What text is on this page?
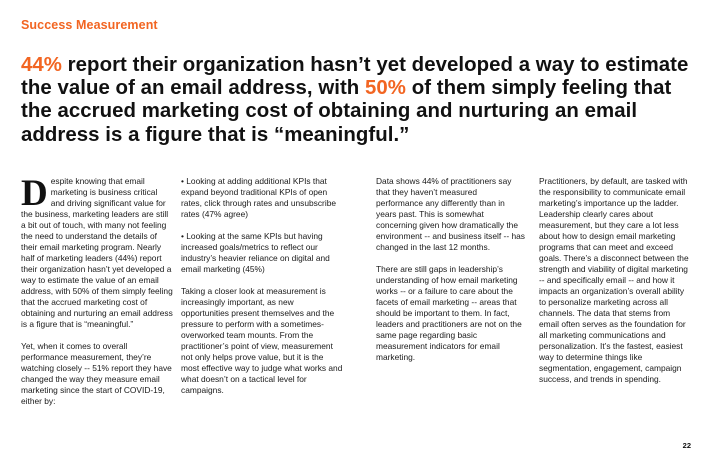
Success Measurement
44% report their organization hasn’t yet developed a way to estimate the value of an email address, with 50% of them simply feeling that the accrued marketing cost of obtaining and nurturing an email address is a figure that is “meaningful.”

Despite knowing that email marketing is business critical and driving significant value for the business, marketing leaders are still a bit out of touch, with many not feeling the need to understand the details of their email marketing program. Nearly half of marketing leaders (44%) report their organization hasn’t yet developed a way to estimate the value of an email address, with 50% of them simply feeling that the accrued marketing cost of obtaining and nurturing an email address is a figure that is “meaningful.”

Yet, when it comes to overall performance measurement, they’re watching closely -- 51% report they have changed the way they measure email marketing since the start of COVID-19, either by:

• Looking at adding additional KPIs that expand beyond traditional KPIs of open rates, click through rates and unsubscribe rates (47% agree)

• Looking at the same KPIs but having increased goals/metrics to reflect our industry’s heavier reliance on digital and email marketing (45%)

Taking a closer look at measurement is increasingly important, as new opportunities present themselves and the pressure to perform with a sometimes-overworked team mounts. From the practitioner’s point of view, measurement not only helps prove value, but it is the most effective way to judge what works and what doesn’t on a tactical level for campaigns.

Data shows 44% of practitioners say that they haven’t measured performance any differently than in years past. This is somewhat concerning given how dramatically the environment -- and business itself -- has changed in the last 12 months.

There are still gaps in leadership’s understanding of how email marketing works -- or a failure to care about the facets of email marketing -- areas that should be important to them. In fact, leaders and practitioners are not on the same page regarding basic measurement indicators for email marketing.

Practitioners, by default, are tasked with the responsibility to communicate email marketing’s importance up the ladder. Leadership clearly cares about measurement, but they care a lot less about how to design email marketing programs that can meet and exceed goals. There’s a disconnect between the strength and viability of digital marketing -- and specifically email -- and how it impacts an organization’s overall ability to personalize marketing across all channels. The data that stems from email often serves as the foundation for all marketing communications and personalization. It’s the fastest, easiest way to determine things like segmentation, engagement, campaign success, and trends in spending.

22
